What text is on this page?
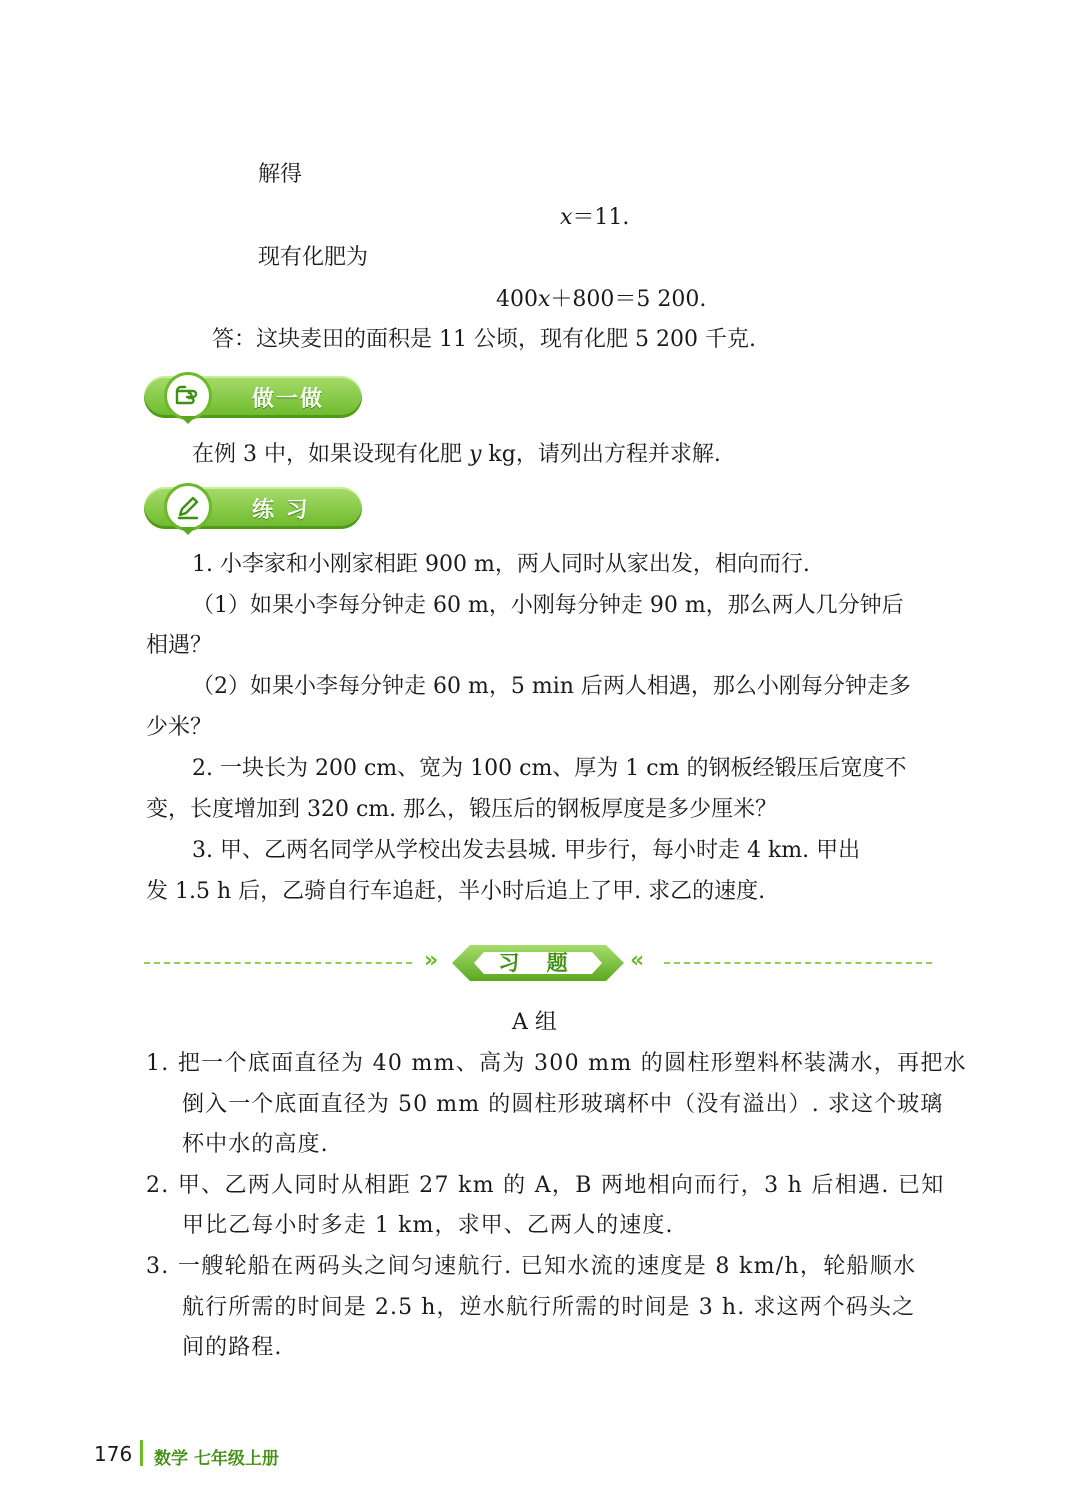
解得
x＝11.
现有化肥为
400x＋800＝5 200.
答：这块麦田的面积是 11 公顷，现有化肥 5 200 千克.
做一做
在例 3 中，如果设现有化肥 y kg，请列出方程并求解.
练 习
1. 小李家和小刚家相距 900 m，两人同时从家出发，相向而行.
（1）如果小李每分钟走 60 m，小刚每分钟走 90 m，那么两人几分钟后
相遇？
（2）如果小李每分钟走 60 m，5 min 后两人相遇，那么小刚每分钟走多
少米？
2. 一块长为 200 cm、宽为 100 cm、厚为 1 cm 的钢板经锻压后宽度不
变，长度增加到 320 cm. 那么，锻压后的钢板厚度是多少厘米？
3. 甲、乙两名同学从学校出发去县城. 甲步行，每小时走 4 km. 甲出
发 1.5 h 后，乙骑自行车追赶，半小时后追上了甲. 求乙的速度.
»	习 题	«
A 组
1. 把一个底面直径为 40 mm、高为 300 mm 的圆柱形塑料杯装满水，再把水
倒入一个底面直径为 50 mm 的圆柱形玻璃杯中（没有溢出）. 求这个玻璃
杯中水的高度.
2. 甲、乙两人同时从相距 27 km 的 A，B 两地相向而行，3 h 后相遇. 已知
甲比乙每小时多走 1 km，求甲、乙两人的速度.
3. 一艘轮船在两码头之间匀速航行. 已知水流的速度是 8 km/h，轮船顺水
航行所需的时间是 2.5 h，逆水航行所需的时间是 3 h. 求这两个码头之
间的路程.
176 数学 七年级上册
